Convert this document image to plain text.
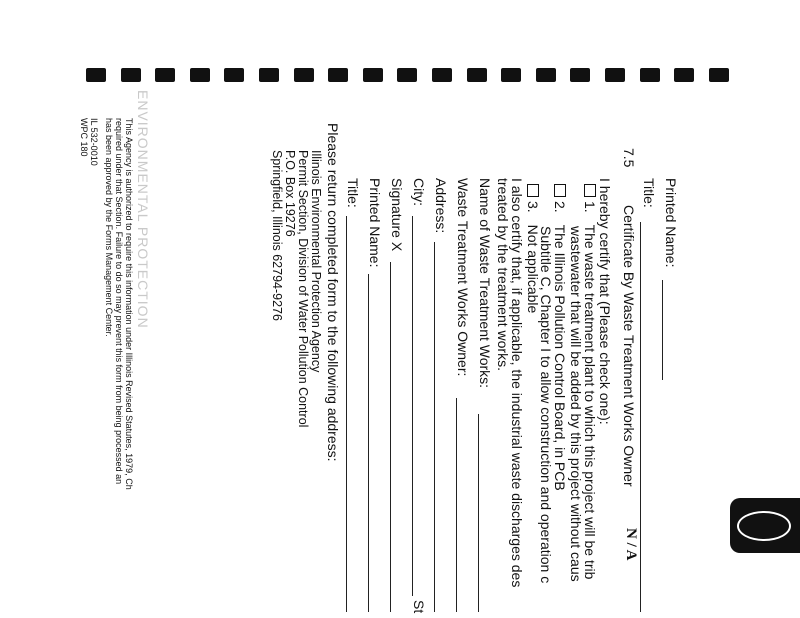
ENVIRONMENTAL PROTECTION	Printed Name:
Title:
7.5
Certificate By Waste Treatment Works Owner
N / A
I hereby certify that (Please check one):
1. The waste treatment plant to which this project will be trib
wastewater that will be added by this project without caus
2. The Illinois Pollution Control Board, in PCB
Subtitle C, Chapter I to allow construction and operation c
3. Not applicable
I also certify that, if applicable, the industrial waste discharges des
treated by the treatment works.
Name of Waste Treatment Works:
Waste Treatment Works Owner:
Address:
City:
St
Signature X
Printed Name:
Title:
Please return completed form to the following address:
Illinois Environmental Protection Agency
Permit Section, Division of Water Pollution Control
P.O. Box 19276
Springfield, Illinois 62794-9276
This Agency is authorized to require this information under Illinois Revised Statutes, 1979, Ch
required under that Section. Failure to do so may prevent this form from being processed an
has been approved by the Forms Management Center.
IL 532-0010
WPC 180
